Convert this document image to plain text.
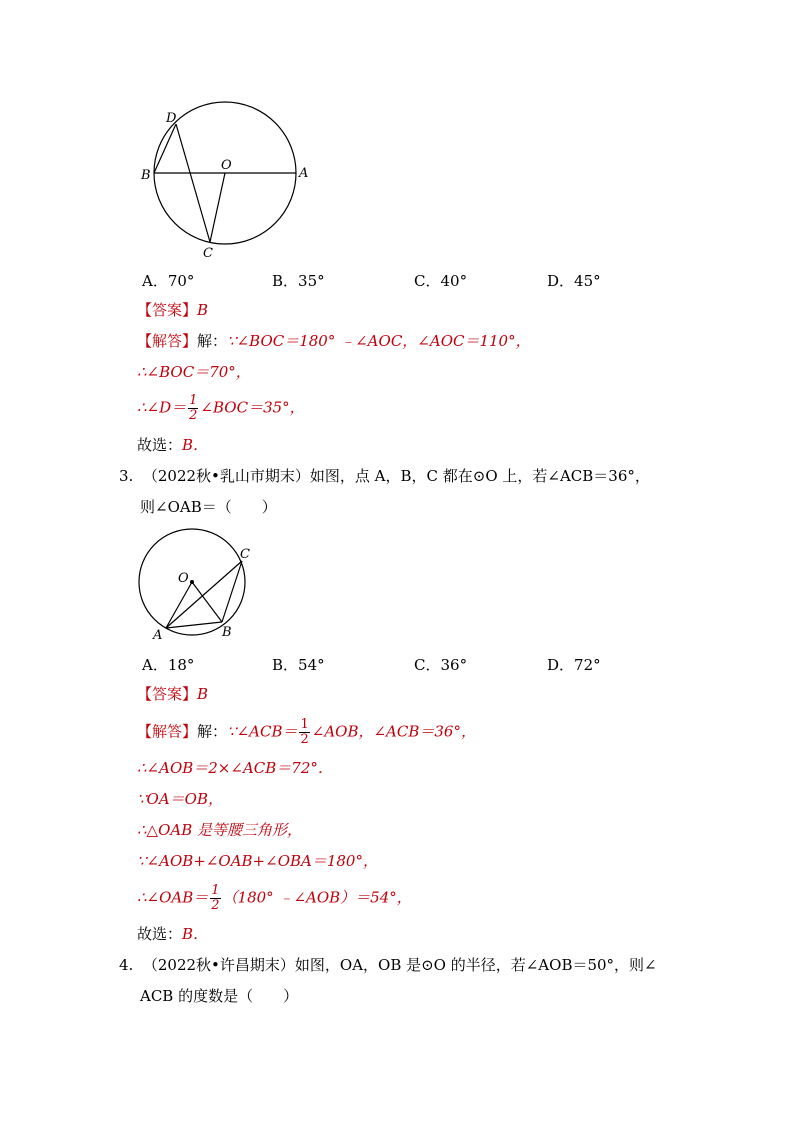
D
O
B	A
C
A．70°	B．35°	C．40°	D．45°
【答案】B
【解答】解：∵∠BOC＝180° ﹣∠AOC，∠AOC＝110°，
∴∠BOC＝70°，
∴∠D＝ $\frac{1}{2}$ ∠BOC＝35°，
故选：B．
3. （2022秋•乳山市期末）如图，点 A，B，C 都在⊙O 上，若∠ACB＝36°，
则∠OAB＝（　　）
O
C
A	B
A．18°	B．54°	C．36°	D．72°
【答案】B
【解答】解：∵∠ACB＝ $\frac{1}{2}$ ∠AOB，∠ACB＝36°，
∴∠AOB＝2×∠ACB＝72°．
∵OA＝OB，
∴△OAB 是等腰三角形，
∵∠AOB+∠OAB+∠OBA＝180°，
∴∠OAB＝ $\frac{1}{2} (180^\circ$ ﹣∠AOB）＝54°，
故选：B．
4. （2022秋•许昌期末）如图，OA，OB 是⊙O 的半径，若∠AOB＝50°，则∠
ACB 的度数是（　　）
